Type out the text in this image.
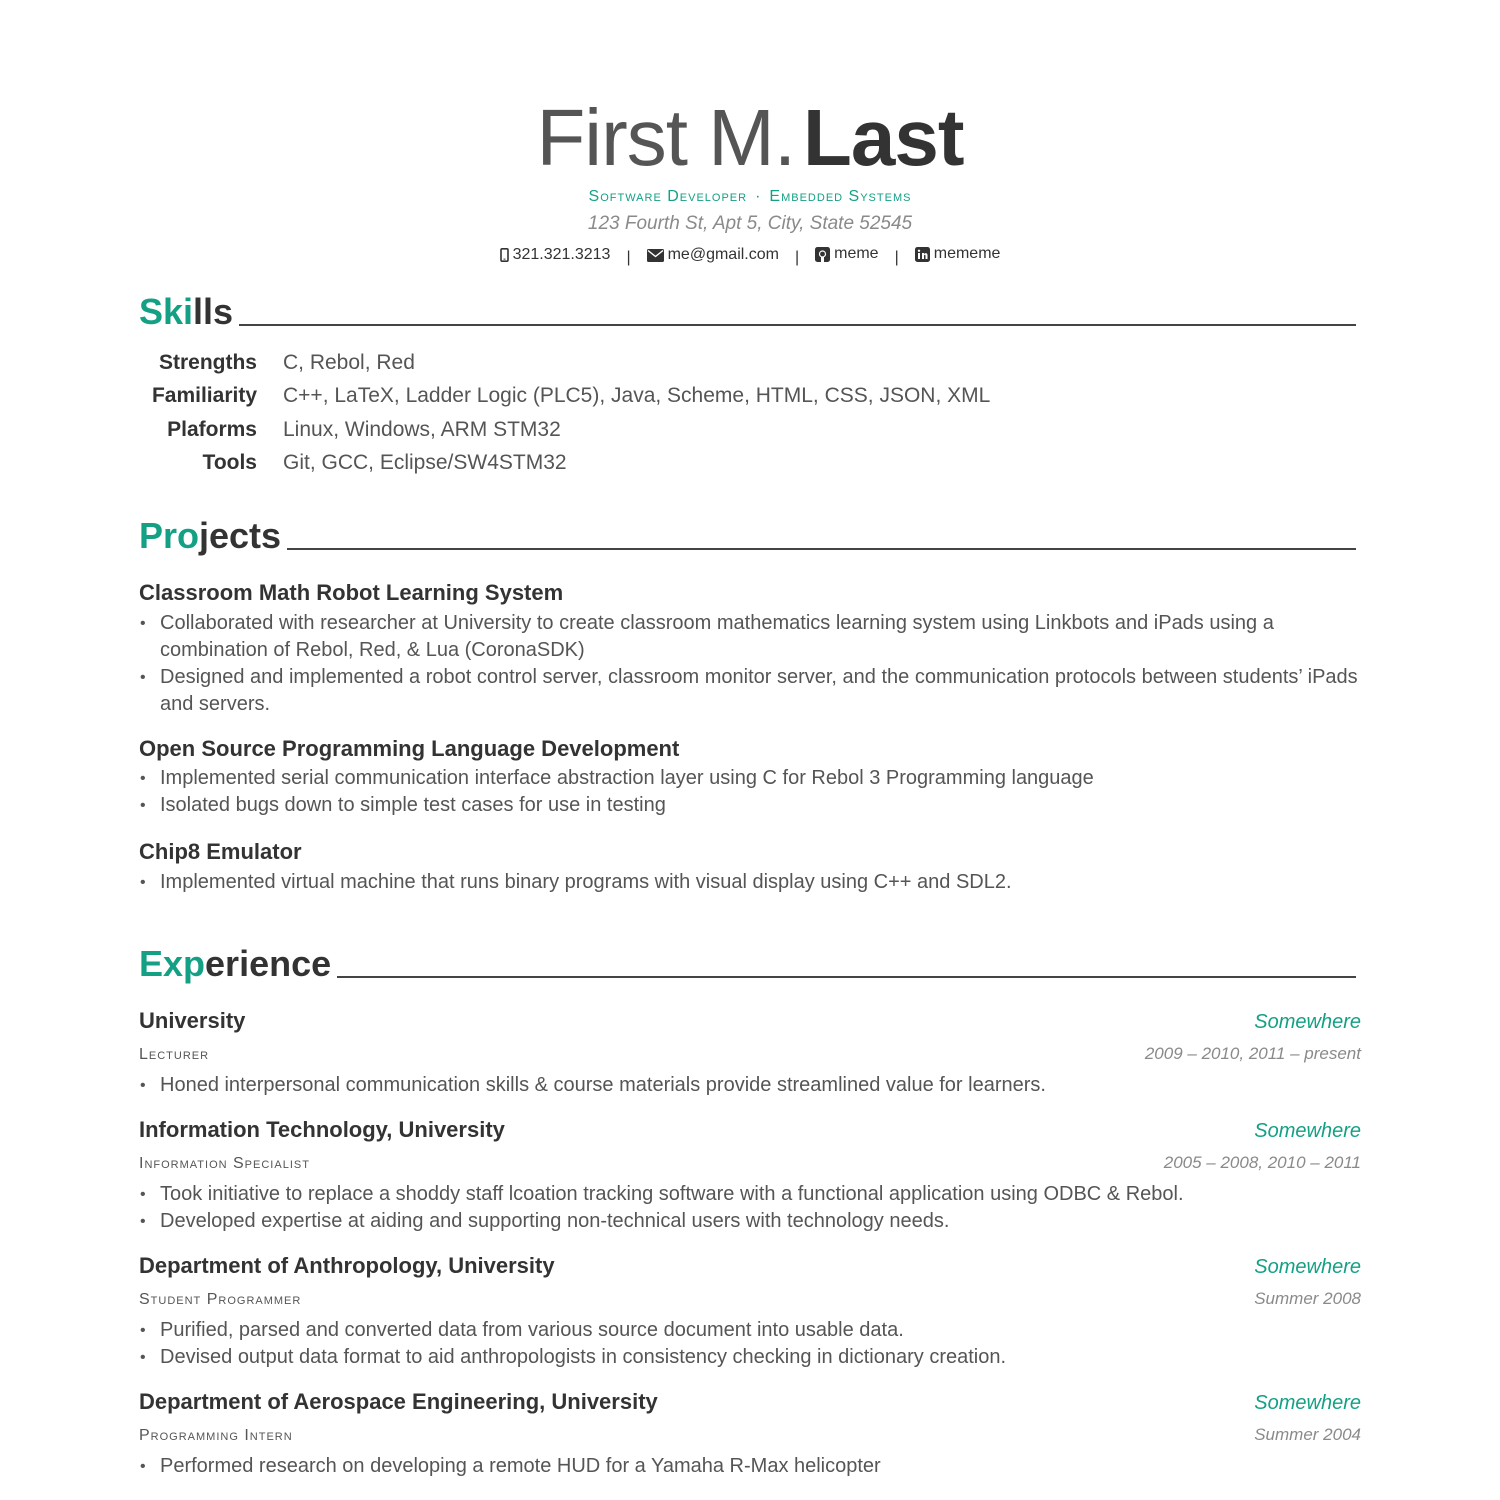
First M. Last
Software Developer · Embedded Systems
123 Fourth St, Apt 5, City, State 52545
321.321.3213 | me@gmail.com | meme | mememe
Skills
Strengths C, Rebol, Red
Familiarity C++, LaTeX, Ladder Logic (PLC5), Java, Scheme, HTML, CSS, JSON, XML
Plaforms Linux, Windows, ARM STM32
Tools Git, GCC, Eclipse/SW4STM32
Projects
Classroom Math Robot Learning System
• Collaborated with researcher at University to create classroom mathematics learning system using Linkbots and iPads using a combination of Rebol, Red, & Lua (CoronaSDK)
• Designed and implemented a robot control server, classroom monitor server, and the communication protocols between students’ iPads and servers.
Open Source Programming Language Development
• Implemented serial communication interface abstraction layer using C for Rebol 3 Programming language
• Isolated bugs down to simple test cases for use in testing
Chip8 Emulator
• Implemented virtual machine that runs binary programs with visual display using C++ and SDL2.
Experience
University	Somewhere
Lecturer	2009 – 2010, 2011 – present
• Honed interpersonal communication skills & course materials provide streamlined value for learners.
Information Technology, University	Somewhere
Information Specialist	2005 – 2008, 2010 – 2011
• Took initiative to replace a shoddy staff lcoation tracking software with a functional application using ODBC & Rebol.
• Developed expertise at aiding and supporting non-technical users with technology needs.
Department of Anthropology, University	Somewhere
Student Programmer	Summer 2008
• Purified, parsed and converted data from various source document into usable data.
• Devised output data format to aid anthropologists in consistency checking in dictionary creation.
Department of Aerospace Engineering, University	Somewhere
Programming Intern	Summer 2004
• Performed research on developing a remote HUD for a Yamaha R-Max helicopter
